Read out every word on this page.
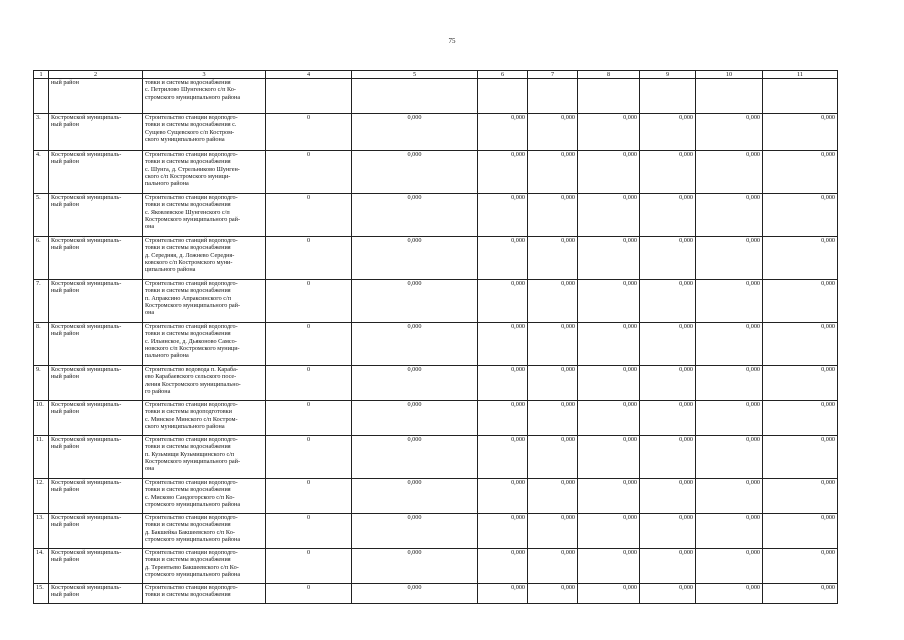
75
1	2	3	4	5	6	7	8	9	10	11

	ный район	товки и системы водоснабжения
с. Петрилово Шунгенского с/п Ко-
стромского муниципального района								

3.	Костромской муниципаль-
ный район	Строительство станции водоподго-
товки и системы водоснабжения с.
Сущево Сущевского с/п Костром-
ского муниципального района	0	0,000	0,000	0,000	0,000	0,000	0,000	0,000
4.	Костромской муниципаль-
ный район	Строительство станции водоподго-
товки и системы водоснабжения
с. Шунга, д. Стрельниково Шунген-
ского с/п Костромского муници-
пального района	0	0,000	0,000	0,000	0,000	0,000	0,000	0,000
5.	Костромской муниципаль-
ный район	Строительство станции водоподго-
товки и системы водоснабжения
с. Яковлевское Шунгенского с/п
Костромского муниципального рай-
она	0	0,000	0,000	0,000	0,000	0,000	0,000	0,000
6.	Костромской муниципаль-
ный район	Строительство станций водоподго-
товки и системы водоснабжения
д. Середняя, д. Ложнево Середня-
ковского с/п Костромского муни-
ципального района	0	0,000	0,000	0,000	0,000	0,000	0,000	0,000
7.	Костромской муниципаль-
ный район	Строительство станций водоподго-
товки и системы водоснабжения
п. Апраксино Апраксинского с/п
Костромского муниципального рай-
она	0	0,000	0,000	0,000	0,000	0,000	0,000	0,000
8.	Костромской муниципаль-
ный район	Строительство станций водоподго-
товки и системы водоснабжения
с. Ильинское, д. Дьяконово Самсо-
новского с/п Костромского муници-
пального района	0	0,000	0,000	0,000	0,000	0,000	0,000	0,000
9.	Костромской муниципаль-
ный район	Строительство водовода п. Караба-
ево Карабаевского сельского посе-
ления Костромского муниципально-
го района	0	0,000	0,000	0,000	0,000	0,000	0,000	0,000
10.	Костромской муниципаль-
ный район	Строительство станции водоподго-
товки и системы водоподготовки
с. Минское Минского с/п Костром-
ского муниципального района	0	0,000	0,000	0,000	0,000	0,000	0,000	0,000
11.	Костромской муниципаль-
ный район	Строительство станции водоподго-
товки и системы водоснабжения
п. Кузьмищи Кузьмищинского с/п
Костромского муниципального рай-
она	0	0,000	0,000	0,000	0,000	0,000	0,000	0,000
12.	Костромской муниципаль-
ный район	Строительство станции водоподго-
товки и системы водоснабжения
с. Мисково Сандогорского с/п Ко-
стромского муниципального района	0	0,000	0,000	0,000	0,000	0,000	0,000	0,000
13.	Костромской муниципаль-
ный район	Строительство станции водоподго-
товки и системы водоснабжения
д. Бакшейка Бакшеевского с/п Ко-
стромского муниципального района	0	0,000	0,000	0,000	0,000	0,000	0,000	0,000
14.	Костромской муниципаль-
ный район	Строительство станции водоподго-
товки и системы водоснабжения
д. Терентьево Бакшеевского с/п Ко-
стромского муниципального района	0	0,000	0,000	0,000	0,000	0,000	0,000	0,000
15.	Костромской муниципаль-
ный район	Строительство станции водоподго-
товки и системы водоснабжения	0	0,000	0,000	0,000	0,000	0,000	0,000	0,000
